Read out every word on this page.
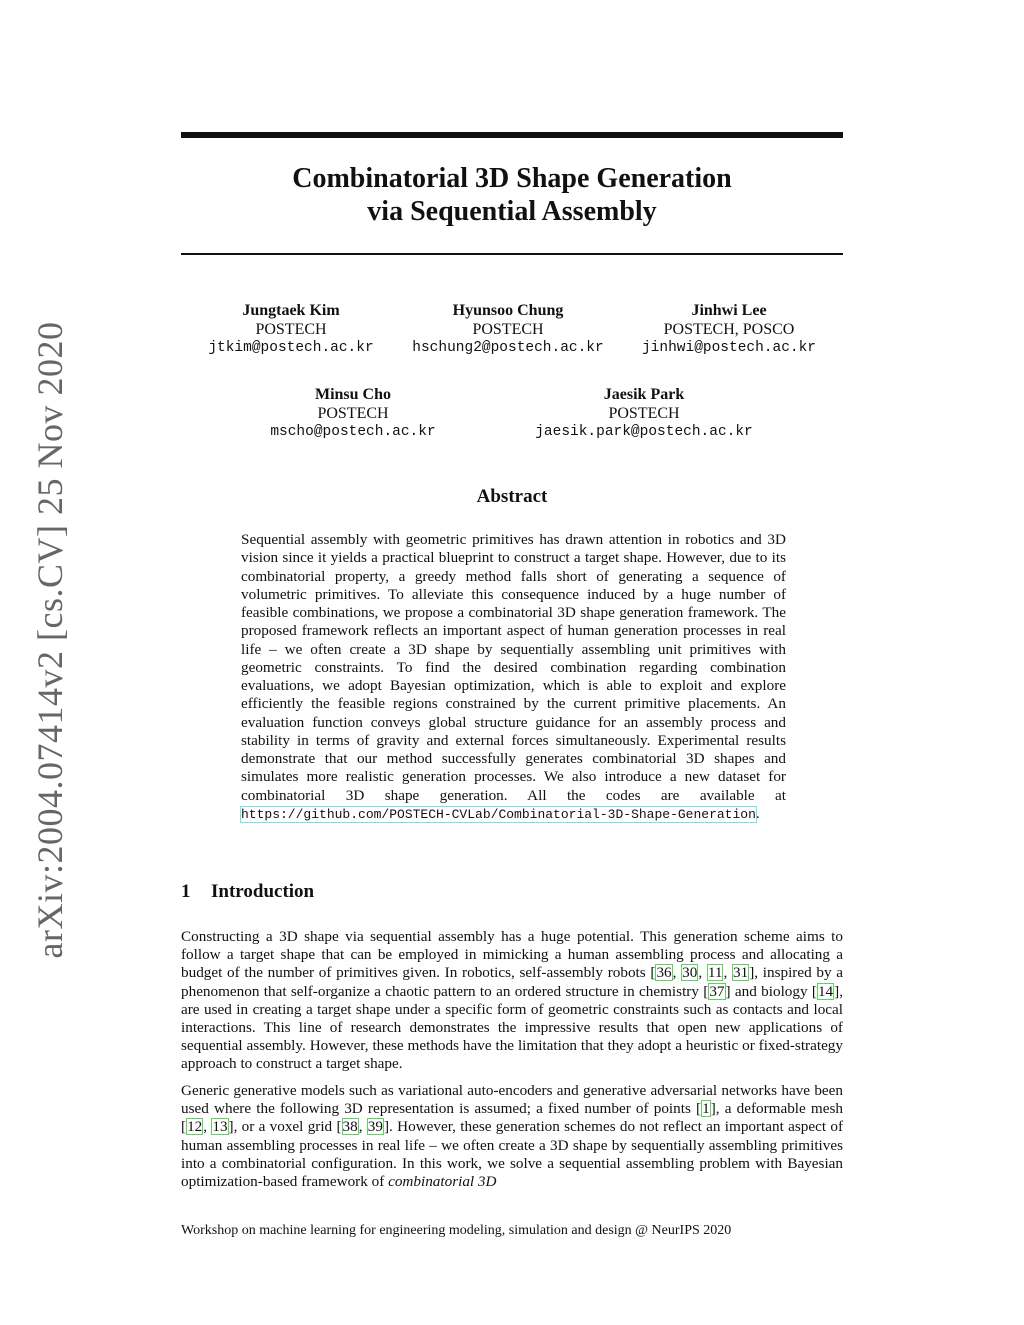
arXiv:2004.07414v2 [cs.CV] 25 Nov 2020
Combinatorial 3D Shape Generation
via Sequential Assembly
Jungtaek Kim
POSTECH
jtkim@postech.ac.kr
Hyunsoo Chung
POSTECH
hschung2@postech.ac.kr
Jinhwi Lee
POSTECH, POSCO
jinhwi@postech.ac.kr
Minsu Cho
POSTECH
mscho@postech.ac.kr
Jaesik Park
POSTECH
jaesik.park@postech.ac.kr
Abstract

Sequential assembly with geometric primitives has drawn attention in robotics and 3D vision since it yields a practical blueprint to construct a target shape. However, due to its combinatorial property, a greedy method falls short of generating a sequence of volumetric primitives. To alleviate this consequence induced by a huge number of feasible combinations, we propose a combinatorial 3D shape generation framework. The proposed framework reflects an important aspect of human generation processes in real life – we often create a 3D shape by sequentially assembling unit primitives with geometric constraints. To find the desired combination regarding combination evaluations, we adopt Bayesian optimization, which is able to exploit and explore efficiently the feasible regions constrained by the current primitive placements. An evaluation function conveys global structure guidance for an assembly process and stability in terms of gravity and external forces simultaneously. Experimental results demonstrate that our method successfully generates combinatorial 3D shapes and simulates more realistic generation processes. We also introduce a new dataset for combinatorial 3D shape generation. All the codes are available at https://github.com/POSTECH-CVLab/Combinatorial-3D-Shape-Generation.

1 Introduction

Constructing a 3D shape via sequential assembly has a huge potential. This generation scheme aims to follow a target shape that can be employed in mimicking a human assembling process and allocating a budget of the number of primitives given. In robotics, self-assembly robots [36, 30, 11, 31], inspired by a phenomenon that self-organize a chaotic pattern to an ordered structure in chemistry [37] and biology [14], are used in creating a target shape under a specific form of geometric constraints such as contacts and local interactions. This line of research demonstrates the impressive results that open new applications of sequential assembly. However, these methods have the limitation that they adopt a heuristic or fixed-strategy approach to construct a target shape.

Generic generative models such as variational auto-encoders and generative adversarial networks have been used where the following 3D representation is assumed; a fixed number of points [1], a deformable mesh [12, 13], or a voxel grid [38, 39]. However, these generation schemes do not reflect an important aspect of human assembling processes in real life – we often create a 3D shape by sequentially assembling primitives into a combinatorial configuration. In this work, we solve a sequential assembling problem with Bayesian optimization-based framework of combinatorial 3D

Workshop on machine learning for engineering modeling, simulation and design @ NeurIPS 2020
